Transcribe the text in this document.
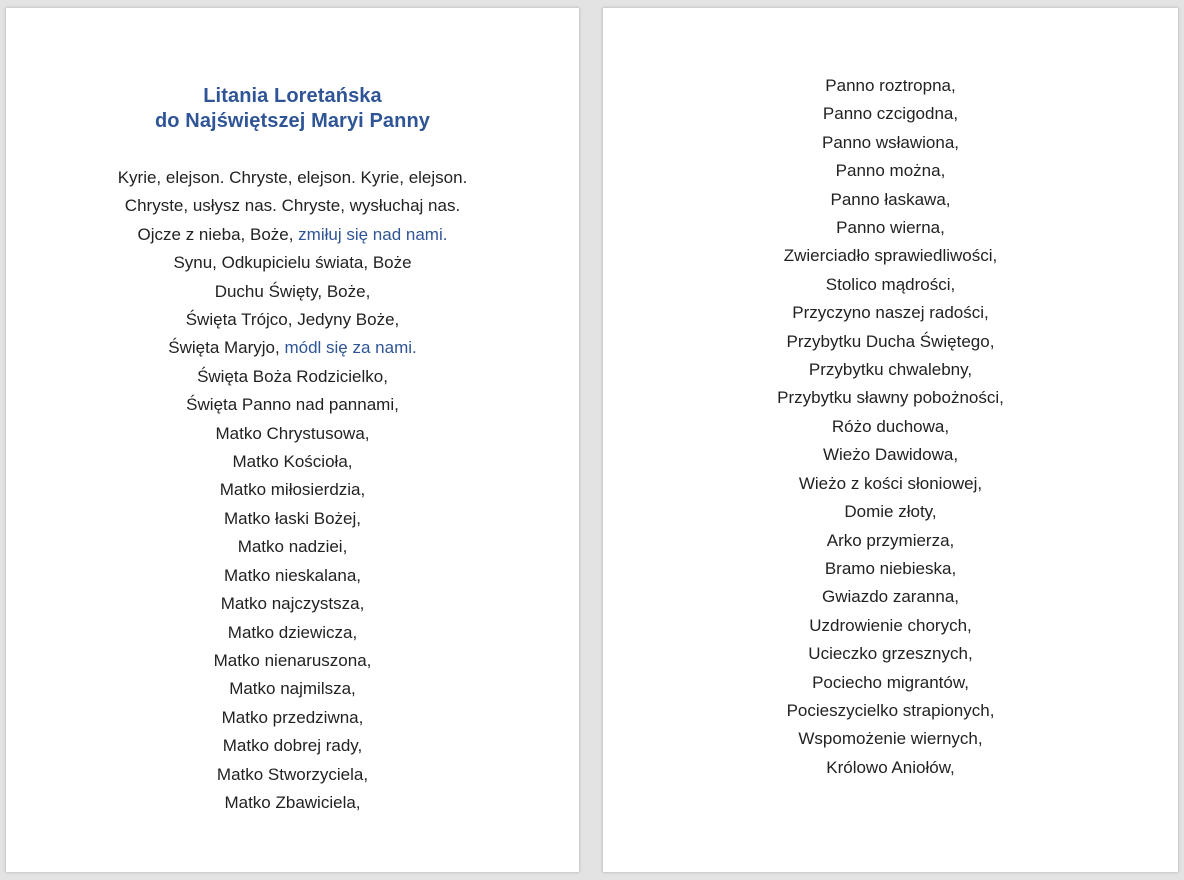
Litania Loretańska
do Najświętszej Maryi Panny
Kyrie, elejson. Chryste, elejson. Kyrie, elejson.
Chryste, usłysz nas. Chryste, wysłuchaj nas.
Ojcze z nieba, Boże, zmiłuj się nad nami.
Synu, Odkupicielu świata, Boże
Duchu Święty, Boże,
Święta Trójco, Jedyny Boże,
Święta Maryjo, módl się za nami.
Święta Boża Rodzicielko,
Święta Panno nad pannami,
Matko Chrystusowa,
Matko Kościoła,
Matko miłosierdzia,
Matko łaski Bożej,
Matko nadziei,
Matko nieskalana,
Matko najczystsza,
Matko dziewicza,
Matko nienaruszona,
Matko najmilsza,
Matko przedziwna,
Matko dobrej rady,
Matko Stworzyciela,
Matko Zbawiciela,
Panno roztropna,
Panno czcigodna,
Panno wsławiona,
Panno można,
Panno łaskawa,
Panno wierna,
Zwierciadło sprawiedliwości,
Stolico mądrości,
Przyczyno naszej radości,
Przybytku Ducha Świętego,
Przybytku chwalebny,
Przybytku sławny pobożności,
Różo duchowa,
Wieżo Dawidowa,
Wieżo z kości słoniowej,
Domie złoty,
Arko przymierza,
Bramo niebieska,
Gwiazdo zaranna,
Uzdrowienie chorych,
Ucieczko grzesznych,
Pociecho migrantów,
Pocieszycielko strapionych,
Wspomożenie wiernych,
Królowo Aniołów,
